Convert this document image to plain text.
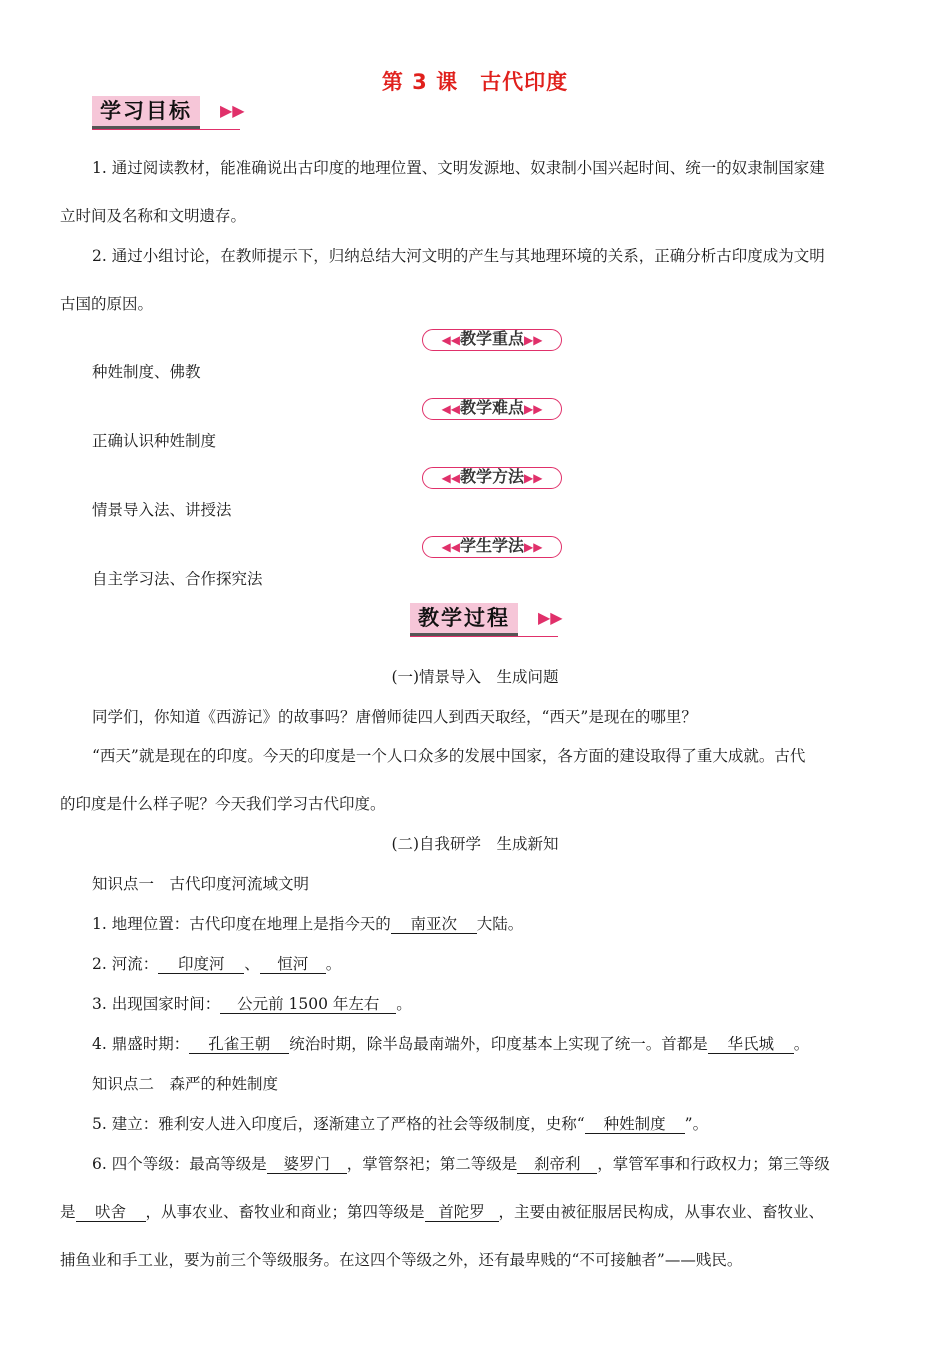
第 3 课 古代印度
学习目标	▶▶
1. 通过阅读教材，能准确说出古印度的地理位置、文明发源地、奴隶制小国兴起时间、统一的奴隶制国家建
立时间及名称和文明遗存。
2. 通过小组讨论，在教师提示下，归纳总结大河文明的产生与其地理环境的关系，正确分析古印度成为文明
古国的原因。
◀◀教学重点▶▶
种姓制度、佛教
◀◀教学难点▶▶
正确认识种姓制度
◀◀教学方法▶▶
情景导入法、讲授法
◀◀学生学法▶▶
自主学习法、合作探究法
教学过程	▶▶
(一)情景导入　生成问题
同学们，你知道《西游记》的故事吗？唐僧师徒四人到西天取经，“西天”是现在的哪里？
“西天”就是现在的印度。今天的印度是一个人口众多的发展中国家，各方面的建设取得了重大成就。古代
的印度是什么样子呢？今天我们学习古代印度。
(二)自我研学　生成新知
知识点一　古代印度河流域文明
1. 地理位置：古代印度在地理上是指今天的 南亚次 大陆。
2. 河流： 印度河 、 恒河 。
3. 出现国家时间： 公元前 1500 年左右 。
4. 鼎盛时期： 孔雀王朝 统治时期，除半岛最南端外，印度基本上实现了统一。首都是 华氏城 。
知识点二　森严的种姓制度
5. 建立：雅利安人进入印度后，逐渐建立了严格的社会等级制度，史称“ 种姓制度 ”。
6. 四个等级：最高等级是 婆罗门 ，掌管祭祀；第二等级是 刹帝利 ，掌管军事和行政权力；第三等级
是 吠舍 ，从事农业、畜牧业和商业；第四等级是 首陀罗 ，主要由被征服居民构成，从事农业、畜牧业、
捕鱼业和手工业，要为前三个等级服务。在这四个等级之外，还有最卑贱的“不可接触者”——贱民。
